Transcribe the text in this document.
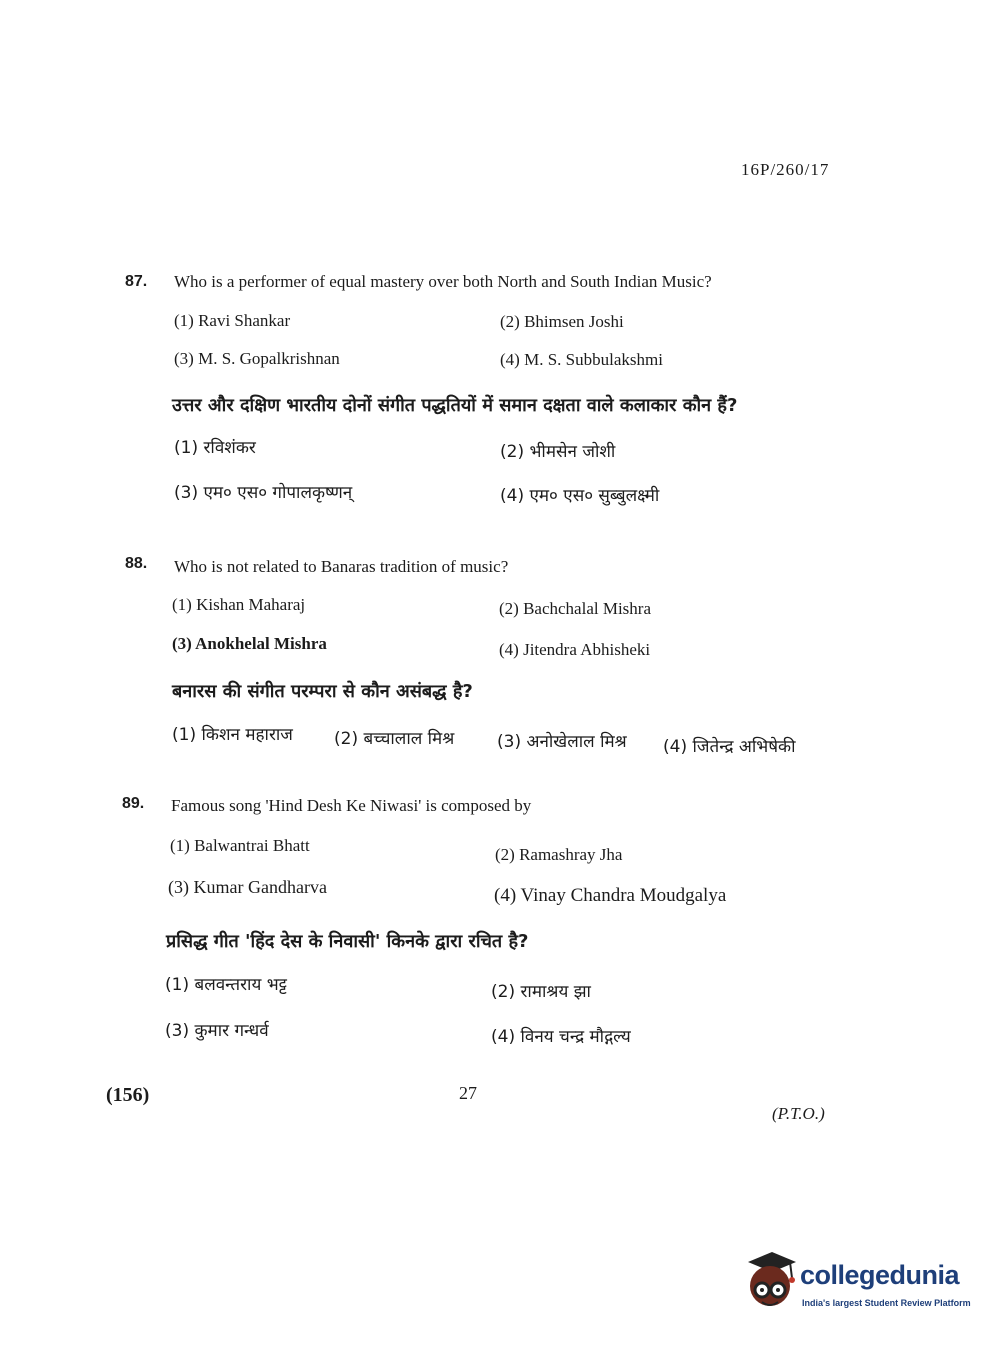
16P/260/17
87. Who is a performer of equal mastery over both North and South Indian Music?
(1) Ravi Shankar	(2) Bhimsen Joshi
(3) M. S. Gopalkrishnan	(4) M. S. Subbulakshmi
उत्तर और दक्षिण भारतीय दोनों संगीत पद्धतियों में समान दक्षता वाले कलाकार कौन हैं?
(1) रविशंकर	(2) भीमसेन जोशी
(3) एम० एस० गोपालकृष्णन्	(4) एम० एस० सुब्बुलक्ष्मी
88. Who is not related to Banaras tradition of music?
(1) Kishan Maharaj	(2) Bachchalal Mishra
(3) Anokhelal Mishra	(4) Jitendra Abhisheki
बनारस की संगीत परम्परा से कौन असंबद्ध है?
(1) किशन महाराज (2) बच्चालाल मिश्र	(3) अनोखेलाल मिश्र (4) जितेन्द्र अभिषेकी
89. Famous song 'Hind Desh Ke Niwasi' is composed by
(1) Balwantrai Bhatt	(2) Ramashray Jha
(3) Kumar Gandharva	(4) Vinay Chandra Moudgalya
प्रसिद्ध गीत 'हिंद देस के निवासी' किनके द्वारा रचित है?
(1) बलवन्तराय भट्ट	(2) रामाश्रय झा
(3) कुमार गन्धर्व	(4) विनय चन्द्र मौद्गल्य
(156)	27
(P.T.O.)
collegedunia
India's largest Student Review Platform
